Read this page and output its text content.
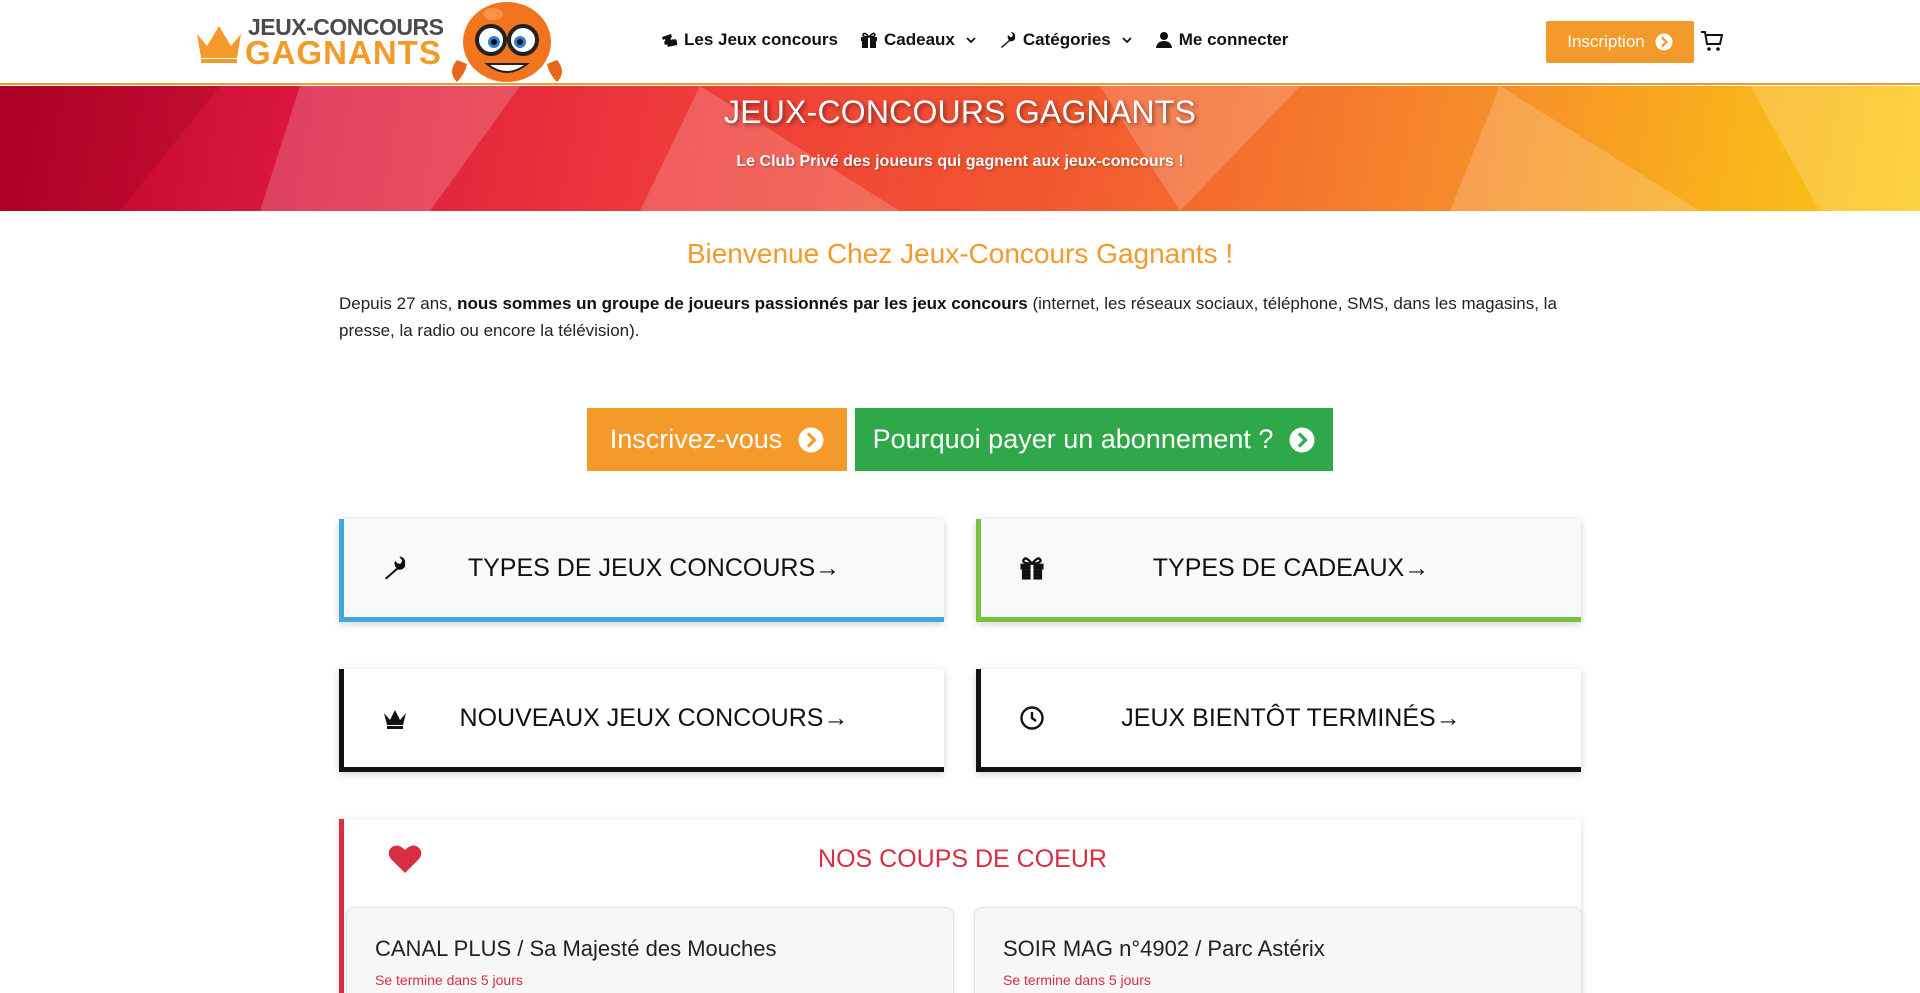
JEUX-CONCOURS
GAGNANTS	Les Jeux concours	Cadeaux	Catégories	Me connecter	Inscription
JEUX-CONCOURS GAGNANTS
Le Club Privé des joueurs qui gagnent aux jeux-concours !
Bienvenue Chez Jeux-Concours Gagnants !

Depuis 27 ans, nous sommes un groupe de joueurs passionnés par les jeux concours (internet, les réseaux sociaux, téléphone, SMS, dans les magasins, la presse, la radio ou encore la télévision).

Inscrivez-vous	Pourquoi payer un abonnement ?
TYPES DE JEUX CONCOURS→	TYPES DE CADEAUX→
NOUVEAUX JEUX CONCOURS→	JEUX BIENTÔT TERMINÉS→
NOS COUPS DE COEUR
CANAL PLUS / Sa Majesté des Mouches
Se termine dans 5 jours
SOIR MAG n°4902 / Parc Astérix
Se termine dans 5 jours
